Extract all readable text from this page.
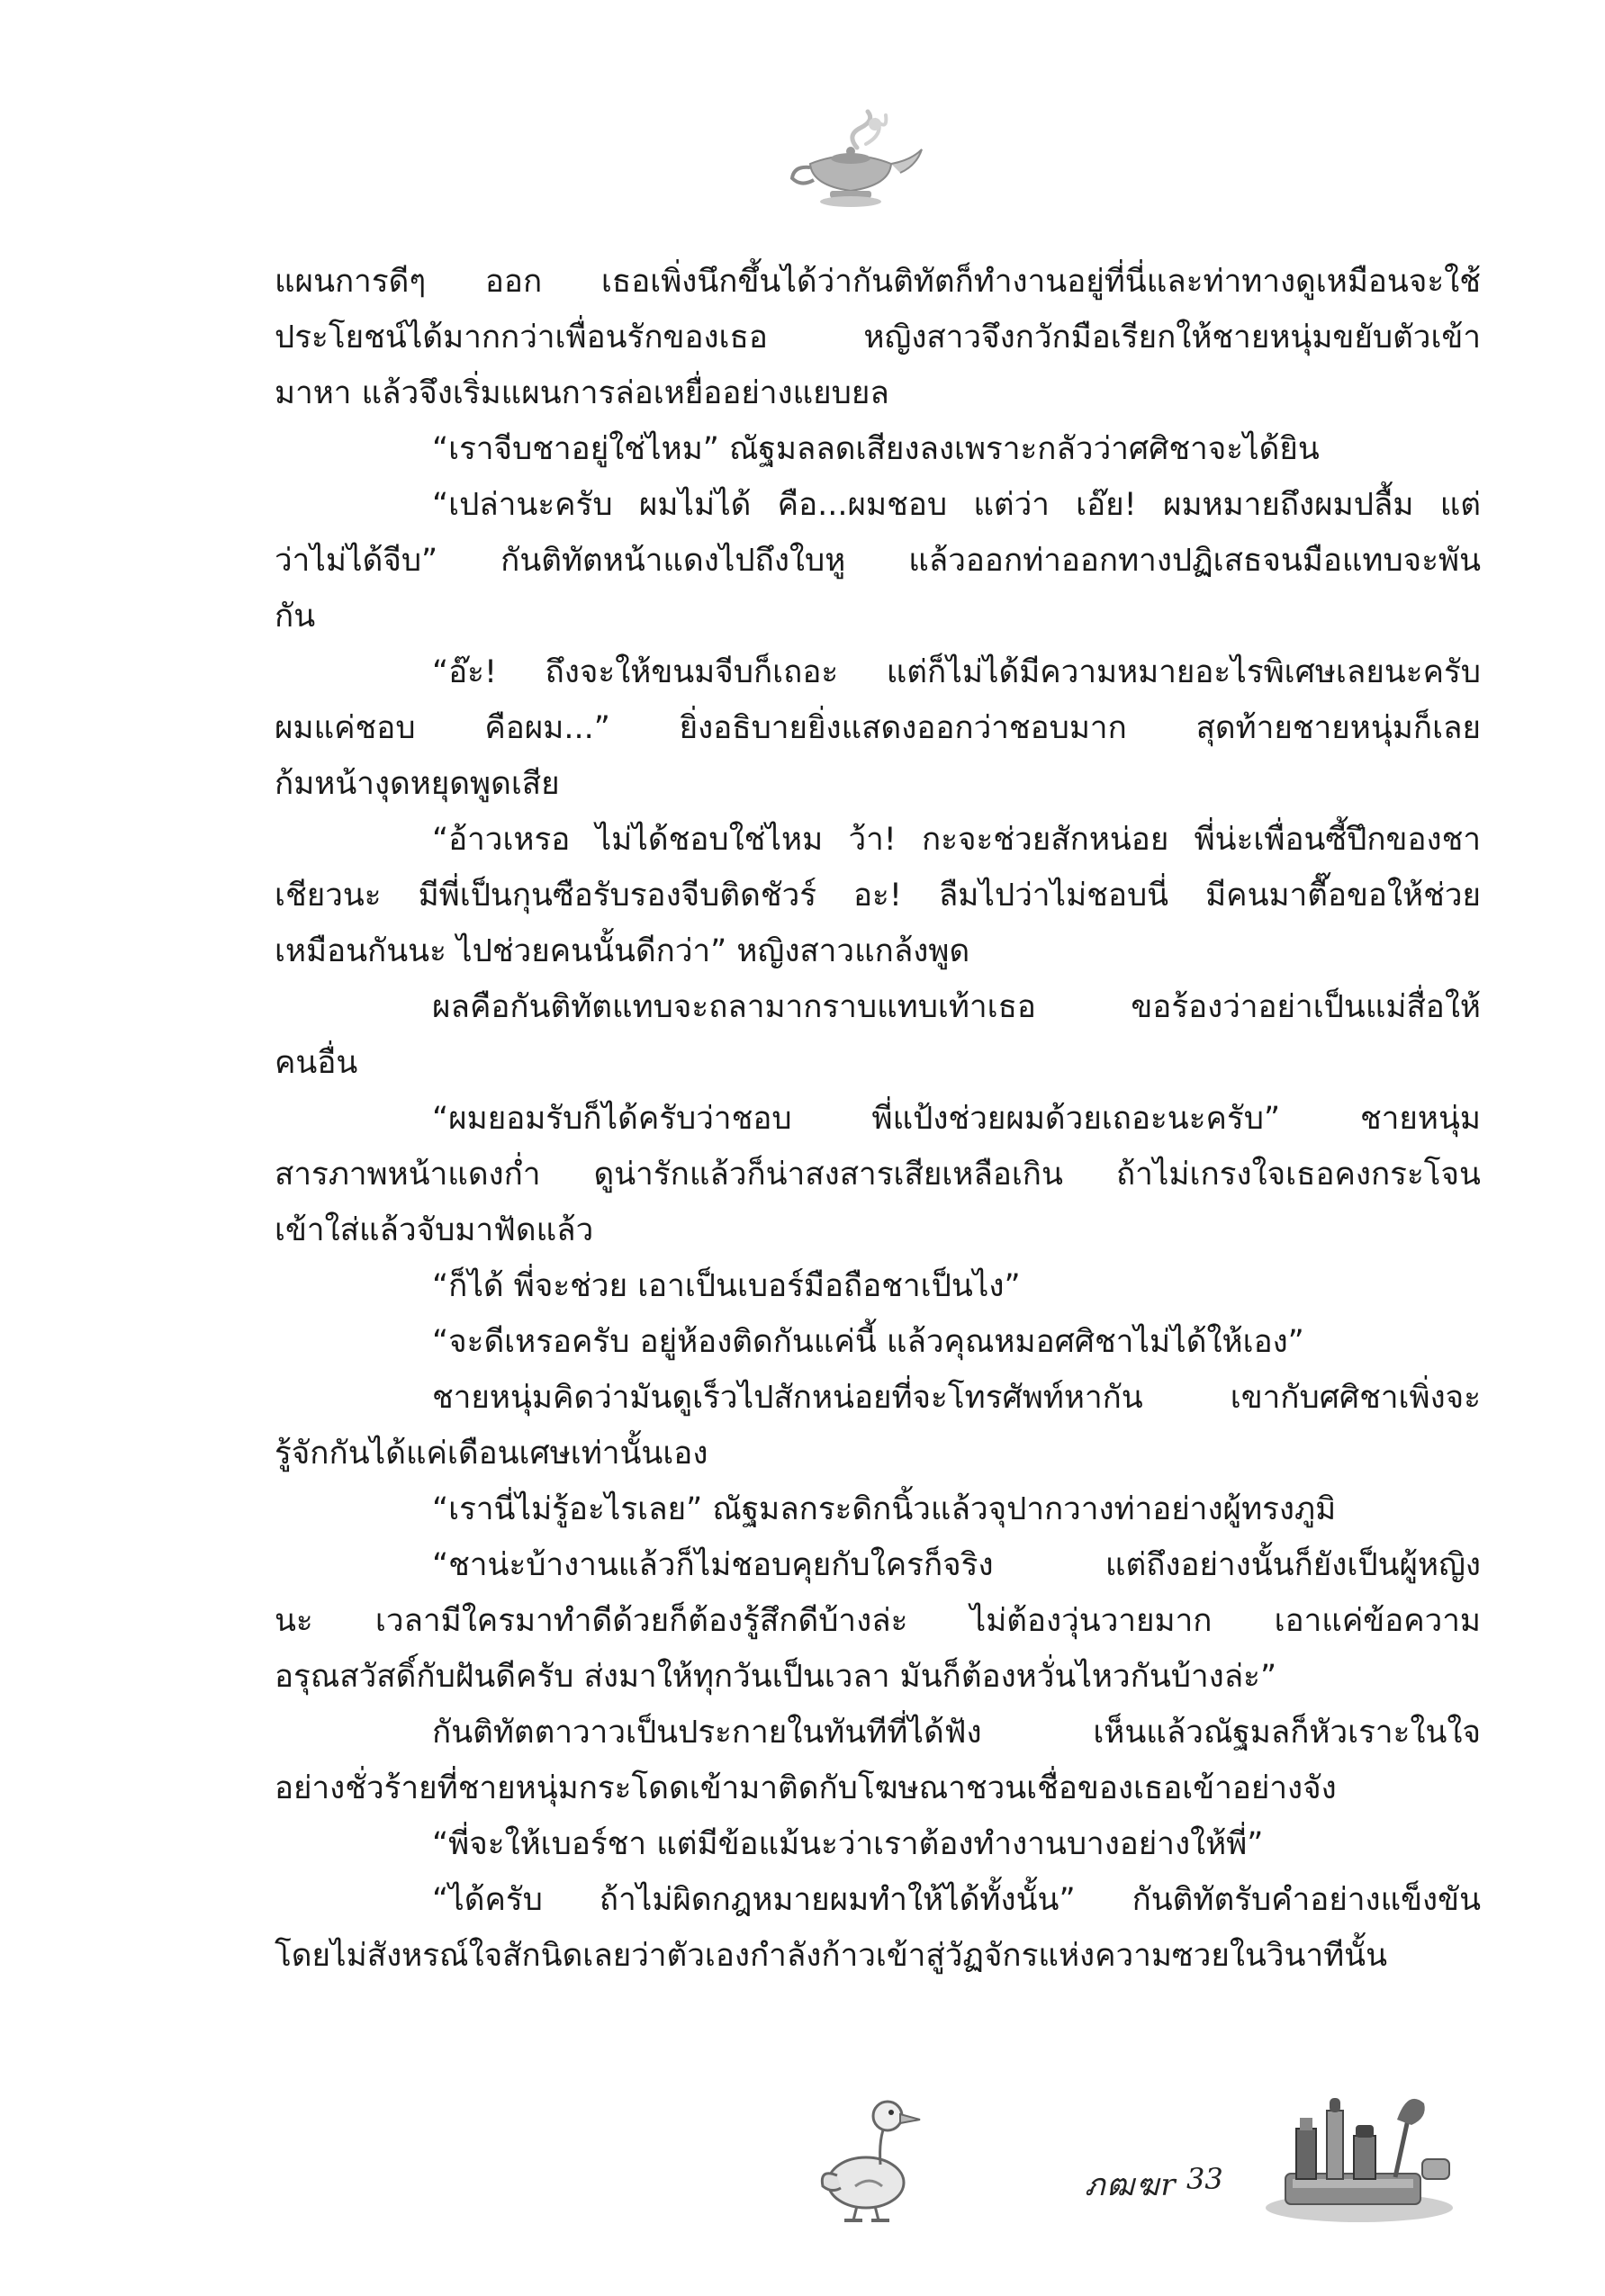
แผนการดีๆ ออก เธอเพิ่งนึกขึ้นได้ว่ากันติทัตก็ทำงานอยู่ที่นี่และท่าทางดูเหมือนจะใช้
ประโยชน์ได้มากกว่าเพื่อนรักของเธอ หญิงสาวจึงกวักมือเรียกให้ชายหนุ่มขยับตัวเข้า
มาหา แล้วจึงเริ่มแผนการล่อเหยื่ออย่างแยบยล
“เราจีบชาอยู่ใช่ไหม” ณัฐมลลดเสียงลงเพราะกลัวว่าศศิชาจะได้ยิน
“เปล่านะครับ ผมไม่ได้ คือ...ผมชอบ แต่ว่า เอ๊ย! ผมหมายถึงผมปลื้ม แต่
ว่าไม่ได้จีบ” กันติทัตหน้าแดงไปถึงใบหู แล้วออกท่าออกทางปฏิเสธจนมือแทบจะพัน
กัน
“อ๊ะ! ถึงจะให้ขนมจีบก็เถอะ แต่ก็ไม่ได้มีความหมายอะไรพิเศษเลยนะครับ
ผมแค่ชอบ คือผม...” ยิ่งอธิบายยิ่งแสดงออกว่าชอบมาก สุดท้ายชายหนุ่มก็เลย
ก้มหน้างุดหยุดพูดเสีย
“อ้าวเหรอ ไม่ได้ชอบใช่ไหม ว้า! กะจะช่วยสักหน่อย พี่น่ะเพื่อนซี้ปึกของชา
เชียวนะ มีพี่เป็นกุนซือรับรองจีบติดชัวร์ อะ! ลืมไปว่าไม่ชอบนี่ มีคนมาตื๊อขอให้ช่วย
เหมือนกันนะ ไปช่วยคนนั้นดีกว่า” หญิงสาวแกล้งพูด
ผลคือกันติทัตแทบจะถลามากราบแทบเท้าเธอ ขอร้องว่าอย่าเป็นแม่สื่อให้
คนอื่น
“ผมยอมรับก็ได้ครับว่าชอบ พี่แป้งช่วยผมด้วยเถอะนะครับ” ชายหนุ่ม
สารภาพหน้าแดงก่ำ ดูน่ารักแล้วก็น่าสงสารเสียเหลือเกิน ถ้าไม่เกรงใจเธอคงกระโจน
เข้าใส่แล้วจับมาฟัดแล้ว
“ก็ได้ พี่จะช่วย เอาเป็นเบอร์มือถือชาเป็นไง”
“จะดีเหรอครับ อยู่ห้องติดกันแค่นี้ แล้วคุณหมอศศิชาไม่ได้ให้เอง”
ชายหนุ่มคิดว่ามันดูเร็วไปสักหน่อยที่จะโทรศัพท์หากัน เขากับศศิชาเพิ่งจะ
รู้จักกันได้แค่เดือนเศษเท่านั้นเอง
“เรานี่ไม่รู้อะไรเลย” ณัฐมลกระดิกนิ้วแล้วจุปากวางท่าอย่างผู้ทรงภูมิ
“ชาน่ะบ้างานแล้วก็ไม่ชอบคุยกับใครก็จริง แต่ถึงอย่างนั้นก็ยังเป็นผู้หญิง
นะ เวลามีใครมาทำดีด้วยก็ต้องรู้สึกดีบ้างล่ะ ไม่ต้องวุ่นวายมาก เอาแค่ข้อความ
อรุณสวัสดิ์กับฝันดีครับ ส่งมาให้ทุกวันเป็นเวลา มันก็ต้องหวั่นไหวกันบ้างล่ะ”
กันติทัตตาวาวเป็นประกายในทันทีที่ได้ฟัง เห็นแล้วณัฐมลก็หัวเราะในใจ
อย่างชั่วร้ายที่ชายหนุ่มกระโดดเข้ามาติดกับโฆษณาชวนเชื่อของเธอเข้าอย่างจัง
“พี่จะให้เบอร์ชา แต่มีข้อแม้นะว่าเราต้องทำงานบางอย่างให้พี่”
“ได้ครับ ถ้าไม่ผิดกฎหมายผมทำให้ได้ทั้งนั้น” กันติทัตรับคำอย่างแข็งขัน
โดยไม่สังหรณ์ใจสักนิดเลยว่าตัวเองกำลังก้าวเข้าสู่วัฏจักรแห่งความซวยในวินาทีนั้น
ภฒฆr 33
